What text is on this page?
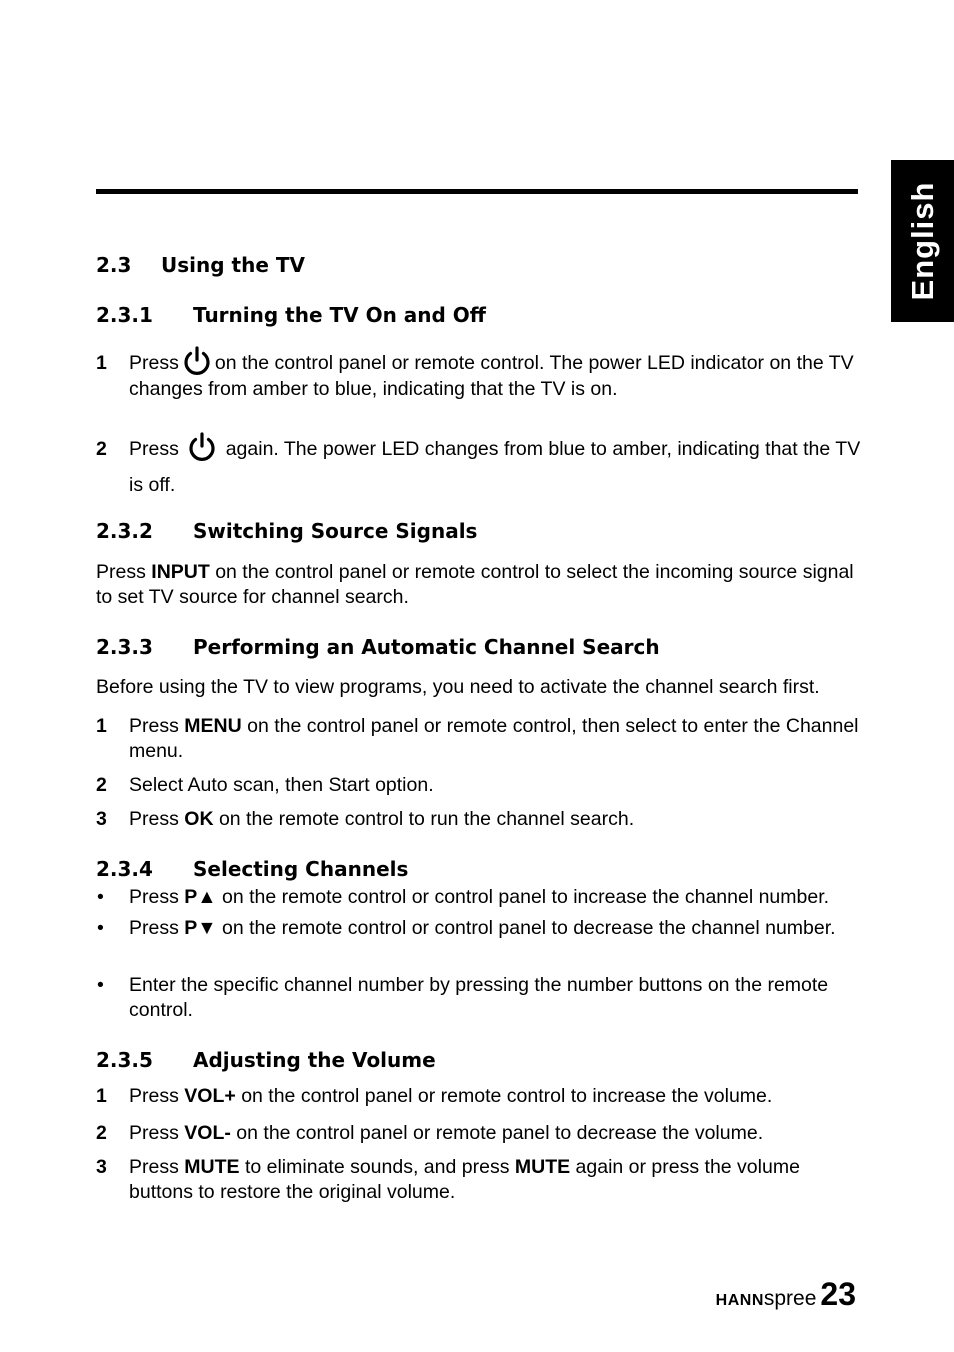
English
2.3 Using the TV
2.3.1 Turning the TV On and Off
1 Press on the control panel or remote control. The power LED indicator on the TV changes from amber to blue, indicating that the TV is on.
2 Press again. The power LED changes from blue to amber, indicating that the TV is off.
2.3.2 Switching Source Signals
Press INPUT on the control panel or remote control to select the incoming source signal to set TV source for channel search.
2.3.3 Performing an Automatic Channel Search
Before using the TV to view programs, you need to activate the channel search first.
1 Press MENU on the control panel or remote control, then select to enter the Channel menu.
2 Select Auto scan, then Start option.
3 Press OK on the remote control to run the channel search.
2.3.4 Selecting Channels
• Press P▲ on the remote control or control panel to increase the channel number.
• Press P▼ on the remote control or control panel to decrease the channel number.
• Enter the specific channel number by pressing the number buttons on the remote control.
2.3.5 Adjusting the Volume
1 Press VOL+ on the control panel or remote control to increase the volume.
2 Press VOL- on the control panel or remote panel to decrease the volume.
3 Press MUTE to eliminate sounds, and press MUTE again or press the volume buttons to restore the original volume.
HANNspree 23
